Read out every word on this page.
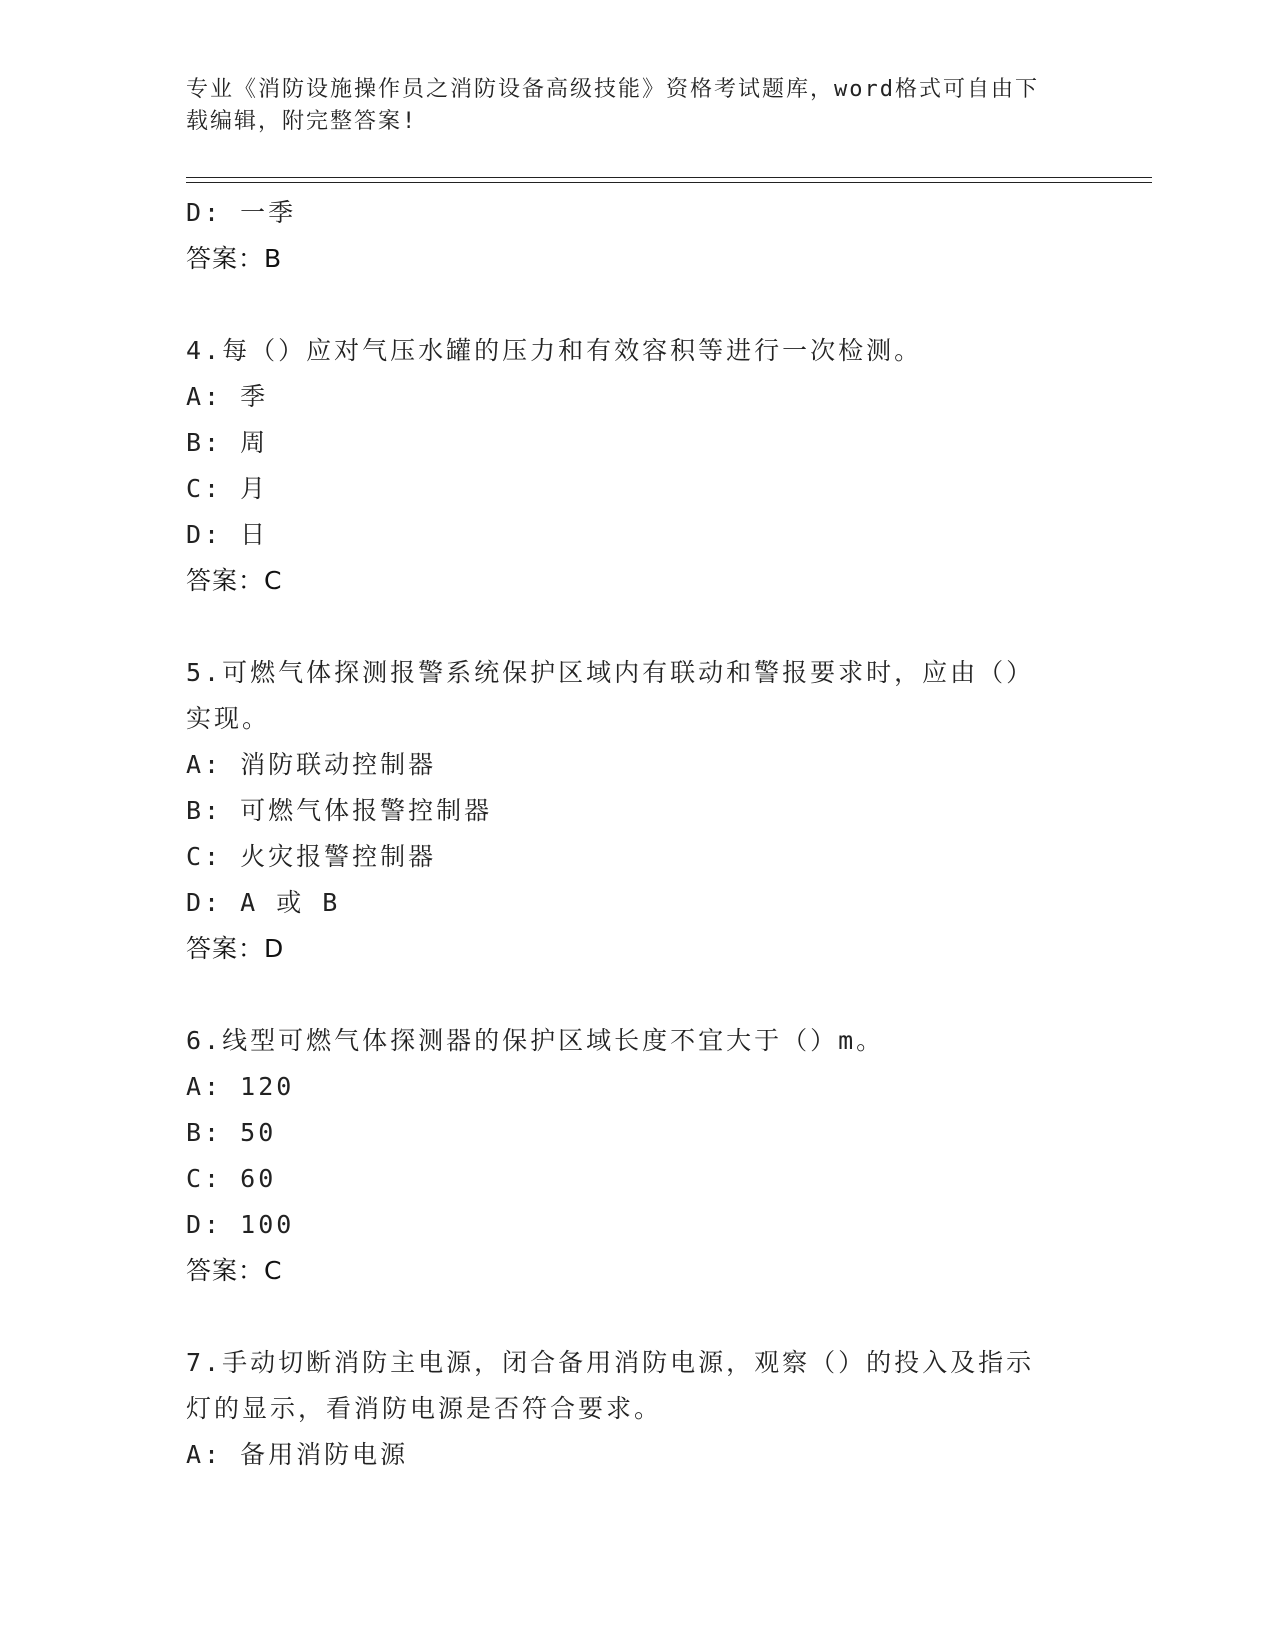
专业《消防设施操作员之消防设备高级技能》资格考试题库，word格式可自由下
载编辑，附完整答案!
D: 一季
答案：B
4.每（）应对气压水罐的压力和有效容积等进行一次检测。
A: 季
B: 周
C: 月
D: 日
答案：C
5.可燃气体探测报警系统保护区域内有联动和警报要求时，应由（）
实现。
A: 消防联动控制器
B: 可燃气体报警控制器
C: 火灾报警控制器
D: A 或 B
答案：D
6.线型可燃气体探测器的保护区域长度不宜大于（）m。
A: 120
B: 50
C: 60
D: 100
答案：C
7.手动切断消防主电源，闭合备用消防电源，观察（）的投入及指示
灯的显示，看消防电源是否符合要求。
A: 备用消防电源
